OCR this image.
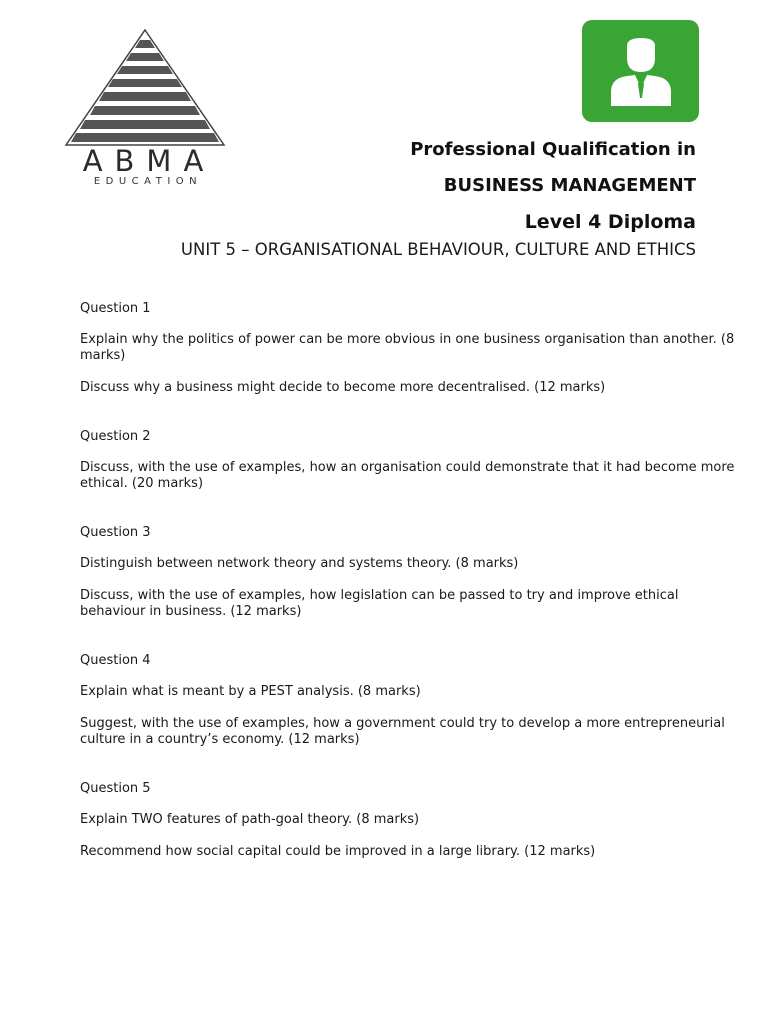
ABMA
EDUCATION
Professional Qualification in
BUSINESS MANAGEMENT
Level 4 Diploma
UNIT 5 – ORGANISATIONAL BEHAVIOUR, CULTURE AND ETHICS
Question 1
Explain why the politics of power can be more obvious in one business organisation than another. (8 marks)
Discuss why a business might decide to become more decentralised. (12 marks)
Question 2
Discuss, with the use of examples, how an organisation could demonstrate that it had become more ethical. (20 marks)
Question 3
Distinguish between network theory and systems theory. (8 marks)
Discuss, with the use of examples, how legislation can be passed to try and improve ethical behaviour in business. (12 marks)
Question 4
Explain what is meant by a PEST analysis. (8 marks)
Suggest, with the use of examples, how a government could try to develop a more entrepreneurial culture in a country’s economy. (12 marks)
Question 5
Explain TWO features of path-goal theory. (8 marks)
Recommend how social capital could be improved in a large library. (12 marks)
